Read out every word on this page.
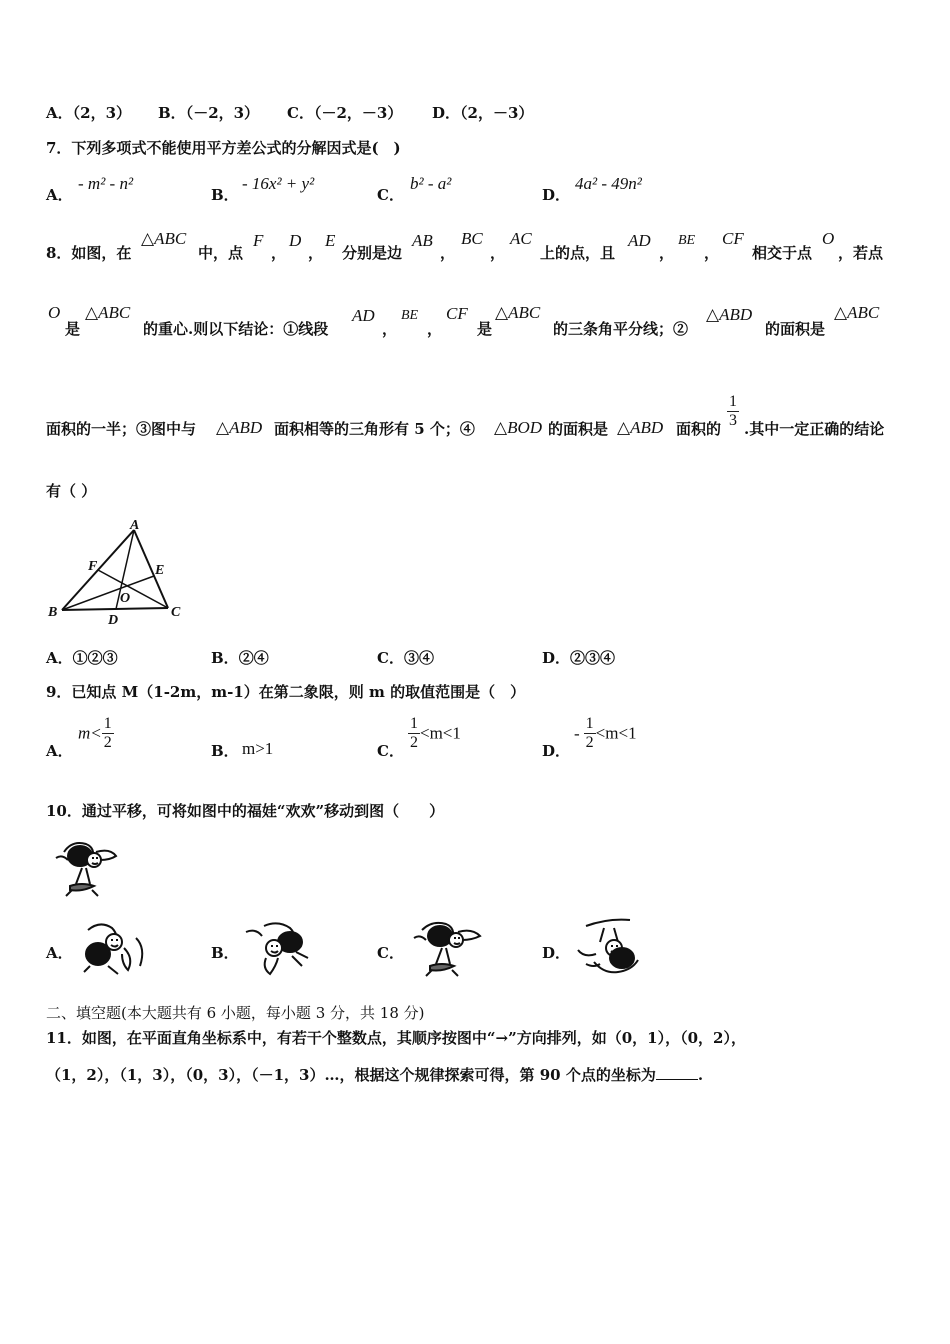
A．（2，3） B．（－2，3） C．（－2，－3） D．（2，－3）
7．下列多项式不能使用平方差公式的分解因式是(　)
A．
- m² - n²
B．
- 16x² + y²
C．
b² - a²
D．
4a² - 49n²
8．如图，在
△ABC
中，点
F
，
D
，
E
分别是边
AB
，
BC
，
AC
上的点，且
AD
，
BE
，
CF
相交于点
O
，若点
O
是
△ABC
的重心.则以下结论：①线段
AD
，
BE
，
CF
是
△ABC
的三条角平分线；②
△ABD
的面积是
△ABC
面积的一半；③图中与 △ABD 面积相等的三角形有 5 个；④ △BOD 的面积是 △ABD 面积的 $\frac{1}{3}$ .其中一定正确的结论
有（ ）
A
B	C
D
E
F
O
A．①②③	B．②④	C．③④	D．②③④
9．已知点 M（1-2m，m-1）在第二象限，则 m 的取值范围是（　）
A．
$m< \frac{1}{2}$	B． m>1	C． $\frac{1}{2} <m<1$
D．
- $\frac{1}{2} <m<1$
10．通过平移，可将如图中的福娃“欢欢”移动到图（　　）
A．	B．	C．	D．
二、填空题(本大题共有 6 小题，每小题 3 分，共 18 分)
11．如图，在平面直角坐标系中，有若干个整数点，其顺序按图中“→”方向排列，如（0，1），（0，2），
（1，2），（1，3），（0，3），（－1，3）…，根据这个规律探索可得，第 90 个点的坐标为	.
